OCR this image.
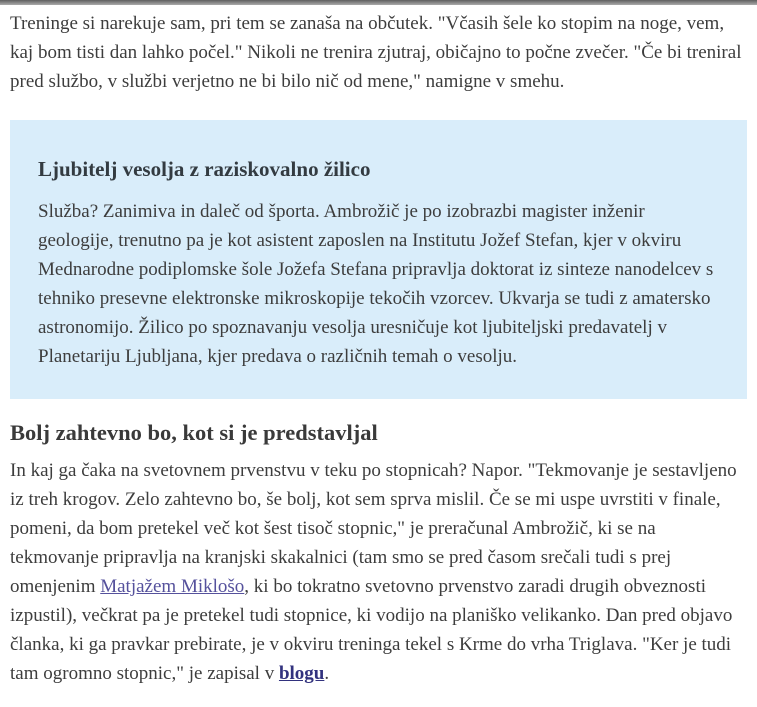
Treninge si narekuje sam, pri tem se zanaša na občutek. "Včasih šele ko stopim na noge, vem, kaj bom tisti dan lahko počel." Nikoli ne trenira zjutraj, običajno to počne zvečer. "Če bi treniral pred službo, v službi verjetno ne bi bilo nič od mene," namigne v smehu.

Ljubitelj vesolja z raziskovalno žilico

Služba? Zanimiva in daleč od športa. Ambrožič je po izobrazbi magister inženir geologije, trenutno pa je kot asistent zaposlen na Institutu Jožef Stefan, kjer v okviru Mednarodne podiplomske šole Jožefa Stefana pripravlja doktorat iz sinteze nanodelcev s tehniko presevne elektronske mikroskopije tekočih vzorcev. Ukvarja se tudi z amatersko astronomijo. Žilico po spoznavanju vesolja uresničuje kot ljubiteljski predavatelj v Planetariju Ljubljana, kjer predava o različnih temah o vesolju.

Bolj zahtevno bo, kot si je predstavljal

In kaj ga čaka na svetovnem prvenstvu v teku po stopnicah? Napor. "Tekmovanje je sestavljeno iz treh krogov. Zelo zahtevno bo, še bolj, kot sem sprva mislil. Če se mi uspe uvrstiti v finale, pomeni, da bom pretekel več kot šest tisoč stopnic," je preračunal Ambrožič, ki se na tekmovanje pripravlja na kranjski skakalnici (tam smo se pred časom srečali tudi s prej omenjenim Matjažem Miklošo, ki bo tokratno svetovno prvenstvo zaradi drugih obveznosti izpustil), večkrat pa je pretekel tudi stopnice, ki vodijo na planiško velikanko. Dan pred objavo članka, ki ga pravkar prebirate, je v okviru treninga tekel s Krme do vrha Triglava. "Ker je tudi tam ogromno stopnic," je zapisal v blogu.
